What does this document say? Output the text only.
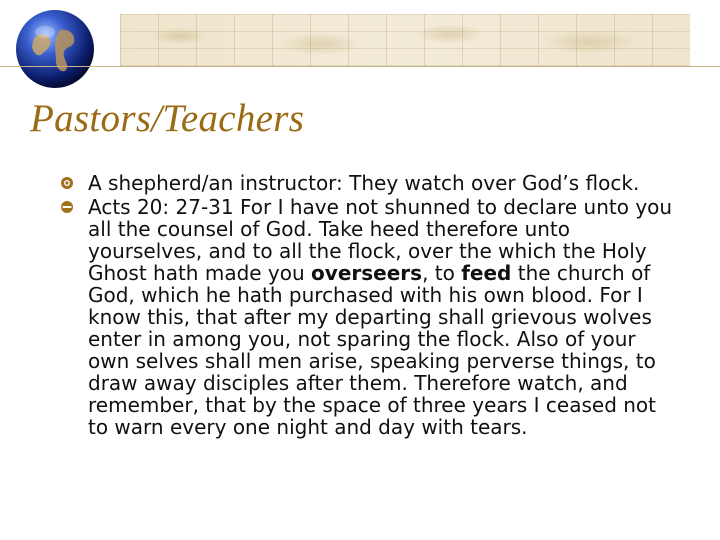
Pastors/Teachers
A shepherd/an instructor: They watch over God’s flock.
Acts 20: 27-31 For I have not shunned to declare unto you all the counsel of God. Take heed therefore unto yourselves, and to all the flock, over the which the Holy Ghost hath made you overseers, to feed the church of God, which he hath purchased with his own blood. For I know this, that after my departing shall grievous wolves enter in among you, not sparing the flock. Also of your own selves shall men arise, speaking perverse things, to draw away disciples after them. Therefore watch, and remember, that by the space of three years I ceased not to warn every one night and day with tears.
